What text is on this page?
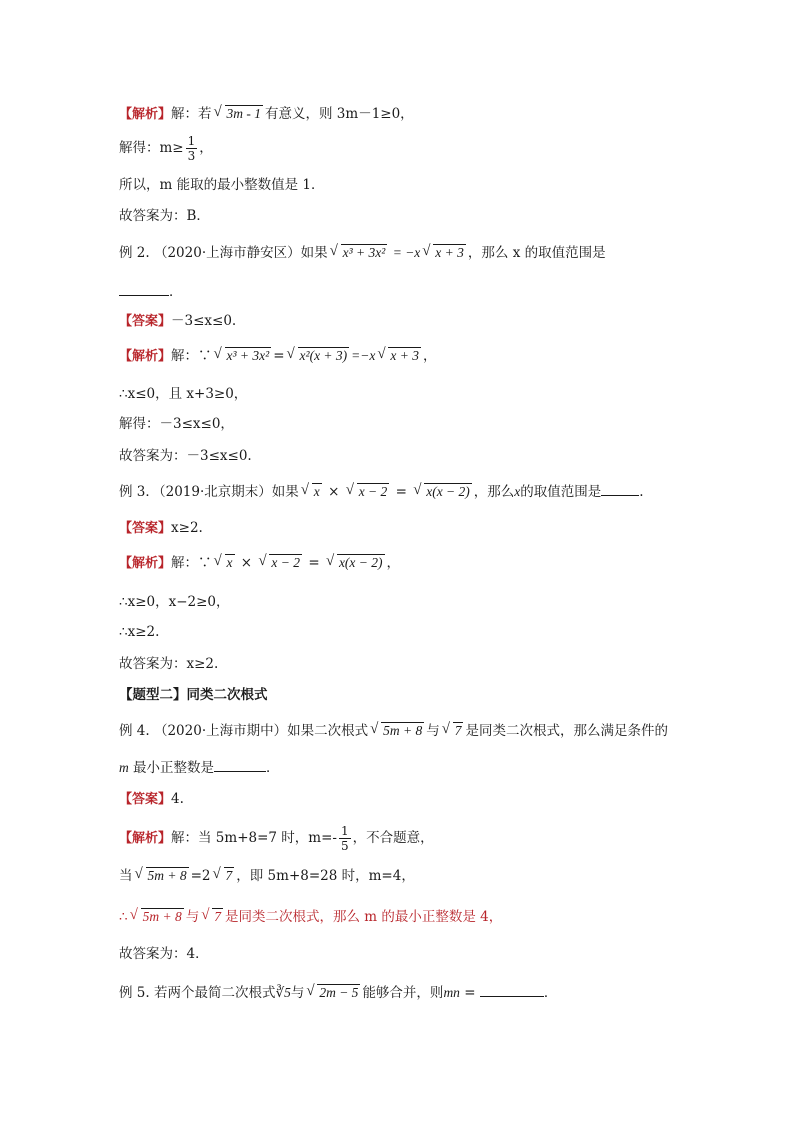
【解析】解：若 √ 3m - 1 有意义，则 3m－1≥0，
解得：$m\ge \frac{1}{3}$ ，
所以，m 能取的最小整数值是 1．
故答案为：B．
例 2. （2020·上海市静安区）如果 √ x³ + 3x² = −x √ x + 3 ，那么 x 的取值范围是
．
【答案】－3≤x≤0.
【解析】解：∵ √ x³ + 3x² = √ x²(x + 3) =−x √ x + 3 ，
∴x≤0，且 x+3≥0，
解得：－3≤x≤0，
故答案为：－3≤x≤0.
例 3．（2019·北京期末）如果 √ x × √ x − 2 = √ x(x − 2) ，那么x的取值范围是	.
【答案】x≥2.
【解析】解：∵ √ x × √ x − 2 = √ x(x − 2) ，
∴x≥0，x−2≥0，
∴x≥2.
故答案为：x≥2.
【题型二】同类二次根式
例 4. （2020·上海市期中）如果二次根式 √ 5m + 8 与 √ 7 是同类二次根式，那么满足条件的
m 最小正整数是	．
【答案】4.
【解析】解：当 5m+8=7 时，$m=- \frac{1}{5}$ ，不合题意，
当 √ 5m + 8 =2 √ 7 ，即 5m+8=28 时，m=4，
∴ √ 5m + 8 与 √ 7 是同类二次根式，那么 m 的最小正整数是 4，
故答案为：4．
例 5. 若两个最简二次根式∛5与 √ 2m − 5 能够合并，则mn =	．
